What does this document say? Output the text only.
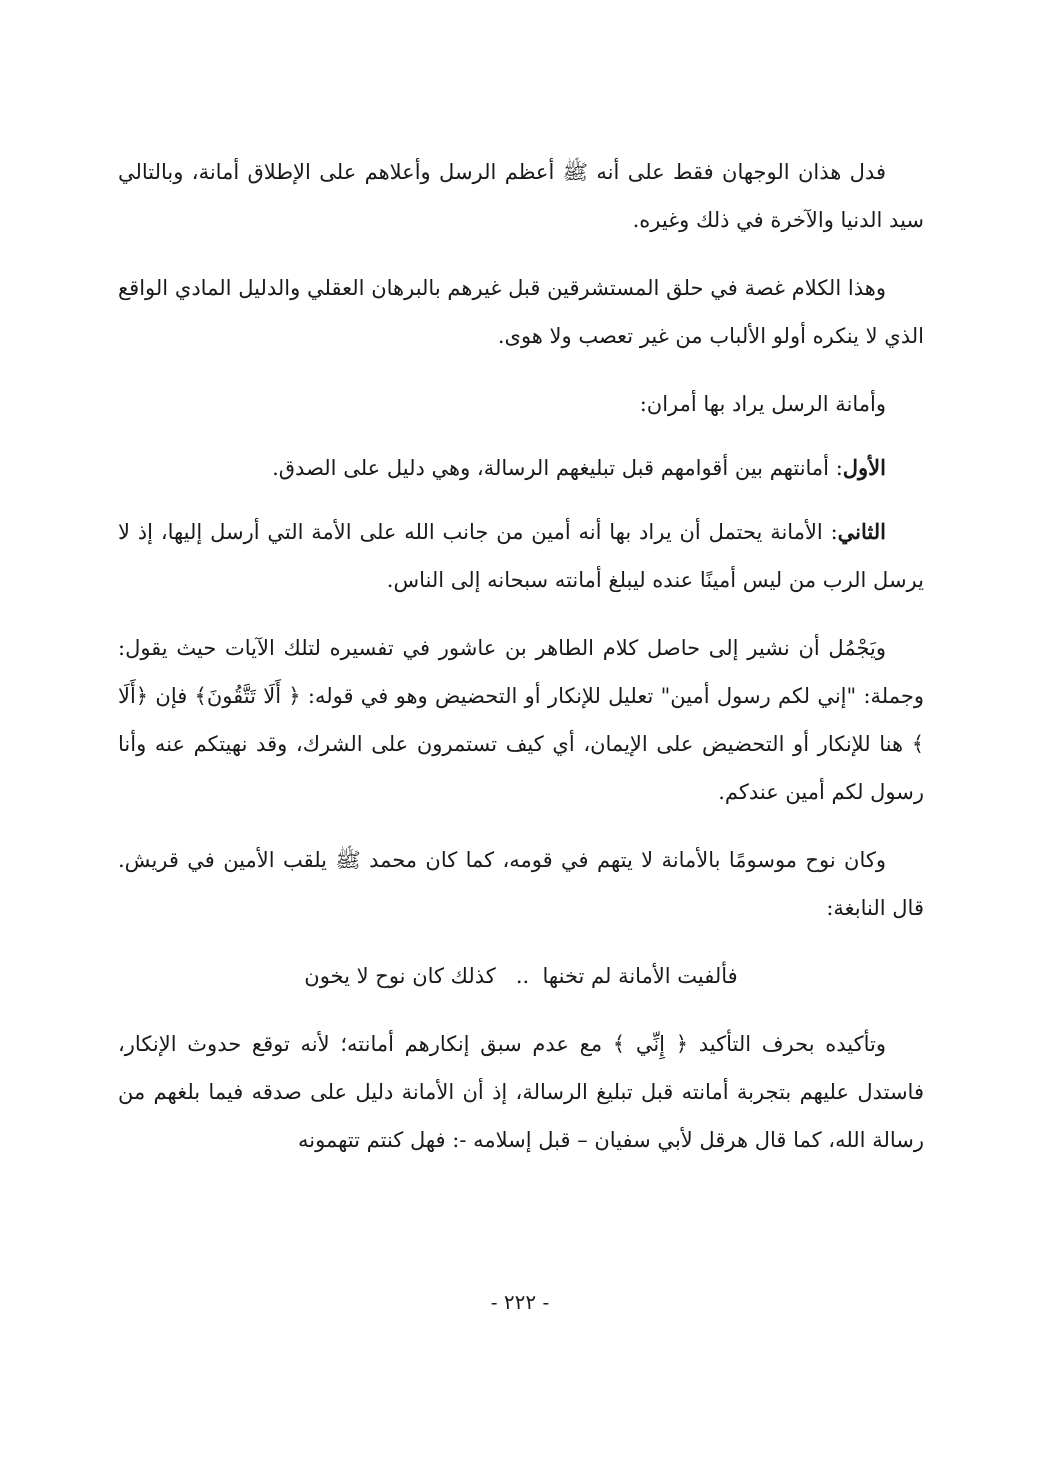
فدل هذان الوجهان فقط على أنه ﷺ أعظم الرسل وأعلاهم على الإطلاق أمانة، وبالتالي سيد الدنيا والآخرة في ذلك وغيره.

وهذا الكلام غصة في حلق المستشرقين قبل غيرهم بالبرهان العقلي والدليل المادي الواقع الذي لا ينكره أولو الألباب من غير تعصب ولا هوى.

وأمانة الرسل يراد بها أمران:

الأول: أمانتهم بين أقوامهم قبل تبليغهم الرسالة، وهي دليل على الصدق.

الثاني: الأمانة يحتمل أن يراد بها أنه أمين من جانب الله على الأمة التي أرسل إليها، إذ لا يرسل الرب من ليس أمينًا عنده ليبلغ أمانته سبحانه إلى الناس.

ويَجْمُل أن نشير إلى حاصل كلام الطاهر بن عاشور في تفسيره لتلك الآيات حيث يقول: وجملة: "إني لكم رسول أمين" تعليل للإنكار أو التحضيض وهو في قوله: ﴿ أَلَا تَتَّقُونَ﴾ فإن ﴿أَلَا ﴾ هنا للإنكار أو التحضيض على الإيمان، أي كيف تستمرون على الشرك، وقد نهيتكم عنه وأنا رسول لكم أمين عندكم.

وكان نوح موسومًا بالأمانة لا يتهم في قومه، كما كان محمد ﷺ يلقب الأمين في قريش. قال النابغة:

فألفيت الأمانة لم تخنها  ..   كذلك كان نوح لا يخون

وتأكيده بحرف التأكيد ﴿ إِنِّي ﴾ مع عدم سبق إنكارهم أمانته؛ لأنه توقع حدوث الإنكار، فاستدل عليهم بتجربة أمانته قبل تبليغ الرسالة، إذ أن الأمانة دليل على صدقه فيما بلغهم من رسالة الله، كما قال هرقل لأبي سفيان – قبل إسلامه -: فهل كنتم تتهمونه

- ٢٢٢ -
